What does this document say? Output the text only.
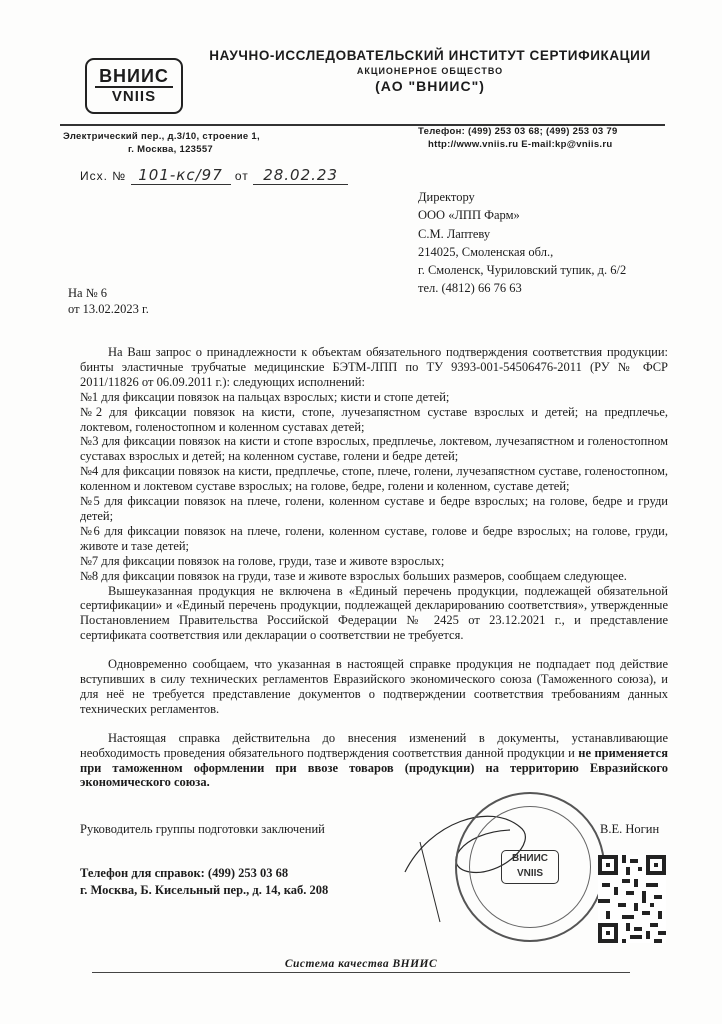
ВНИИС
VNIIS
НАУЧНО-ИССЛЕДОВАТЕЛЬСКИЙ ИНСТИТУТ СЕРТИФИКАЦИИ
АКЦИОНЕРНОЕ ОБЩЕСТВО
(АО "ВНИИС")
Электрический пер., д.3/10, строение 1,
г. Москва, 123557
Телефон: (499) 253 03 68; (499) 253 03 79
http://www.vniis.ru E-mail:kp@vniis.ru
Исх. № 101-кс/97 от 28.02.23
Директору
ООО «ЛПП Фарм»
С.М. Лаптеву
214025, Смоленская обл.,
г. Смоленск, Чуриловский тупик, д. 6/2
тел. (4812) 66 76 63
На № 6
от 13.02.2023 г.

На Ваш запрос о принадлежности к объектам обязательного подтверждения соответствия продукции: бинты эластичные трубчатые медицинские БЭТМ-ЛПП по ТУ 9393-001-54506476-2011 (РУ № ФСР 2011/11826 от 06.09.2011 г.): следующих исполнений:

№1 для фиксации повязок на пальцах взрослых; кисти и стопе детей;

№2 для фиксации повязок на кисти, стопе, лучезапястном суставе взрослых и детей; на предплечье, локтевом, голеностопном и коленном суставах детей;

№3 для фиксации повязок на кисти и стопе взрослых, предплечье, локтевом, лучезапястном и голеностопном суставах взрослых и детей; на коленном суставе, голени и бедре детей;

№4 для фиксации повязок на кисти, предплечье, стопе, плече, голени, лучезапястном суставе, голеностопном, коленном и локтевом суставе взрослых; на голове, бедре, голени и коленном, суставе детей;

№5 для фиксации повязок на плече, голени, коленном суставе и бедре взрослых; на голове, бедре и груди детей;

№6 для фиксации повязок на плече, голени, коленном суставе, голове и бедре взрослых; на голове, груди, животе и тазе детей;

№7 для фиксации повязок на голове, груди, тазе и животе взрослых;

№8 для фиксации повязок на груди, тазе и животе взрослых больших размеров, сообщаем следующее.

Вышеуказанная продукция не включена в «Единый перечень продукции, подлежащей обязательной сертификации» и «Единый перечень продукции, подлежащей декларированию соответствия», утвержденные Постановлением Правительства Российской Федерации № 2425 от 23.12.2021 г., и представление сертификата соответствия или декларации о соответствии не требуется.

Одновременно сообщаем, что указанная в настоящей справке продукция не подпадает под действие вступивших в силу технических регламентов Евразийского экономического союза (Таможенного союза), и для неё не требуется представление документов о подтверждении соответствия требованиям данных технических регламентов.

Настоящая справка действительна до внесения изменений в документы, устанавливающие необходимость проведения обязательного подтверждения соответствия данной продукции и не применяется при таможенном оформлении при ввозе товаров (продукции) на территорию Евразийского экономического союза.

Руководитель группы подготовки заключений	В.Е. Ногин
ВНИИС
VNIIS
Телефон для справок: (499) 253 03 68
г. Москва, Б. Кисельный пер., д. 14, каб. 208
Система качества ВНИИС
